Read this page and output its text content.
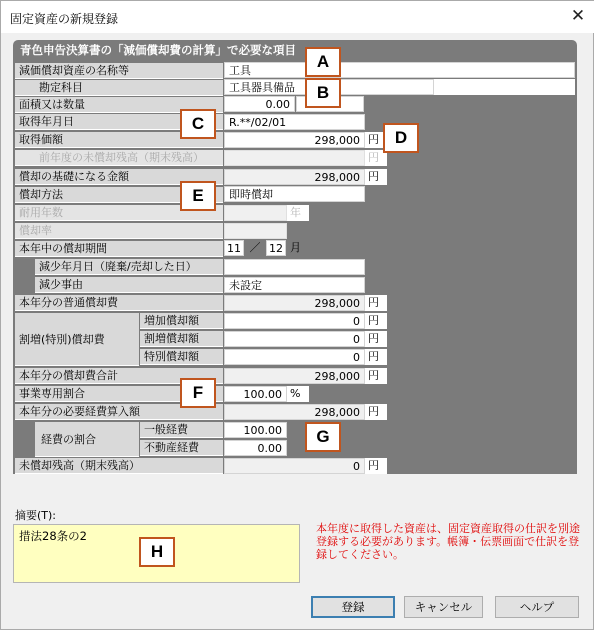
固定資産の新規登録	✕
青色申告決算書の「減価償却費の計算」で必要な項目
減価償却資産の名称等	工具
勘定科目	工具器具備品
面積又は数量	0.00
取得年月日	R.**/02/01
取得価額	298,000 円
前年度の未償却残高（期末残高）	円
償却の基礎になる金額	298,000 円
償却方法	即時償却
耐用年数	年
償却率
本年中の償却期間	11 ／ 12 月
減少年月日（廃棄/売却した日）
減少事由	未設定
本年分の普通償却費	298,000 円
割増(特別)償却費
増加償却額	0 円
割増償却額	0 円
特別償却額	0 円
本年分の償却費合計	298,000 円
事業専用割合	100.00 %
本年分の必要経費算入額	298,000 円
経費の割合
一般経費	100.00
不動産経費	0.00
未償却残高（期末残高）	0 円
摘要(T):
措法28条の2
本年度に取得した資産は、固定資産取得の仕訳を別途登録する必要があります。帳簿・伝票画面で仕訳を登録してください。
登録	キャンセル	ヘルプ
A
B
C
D
E
F
G
H
